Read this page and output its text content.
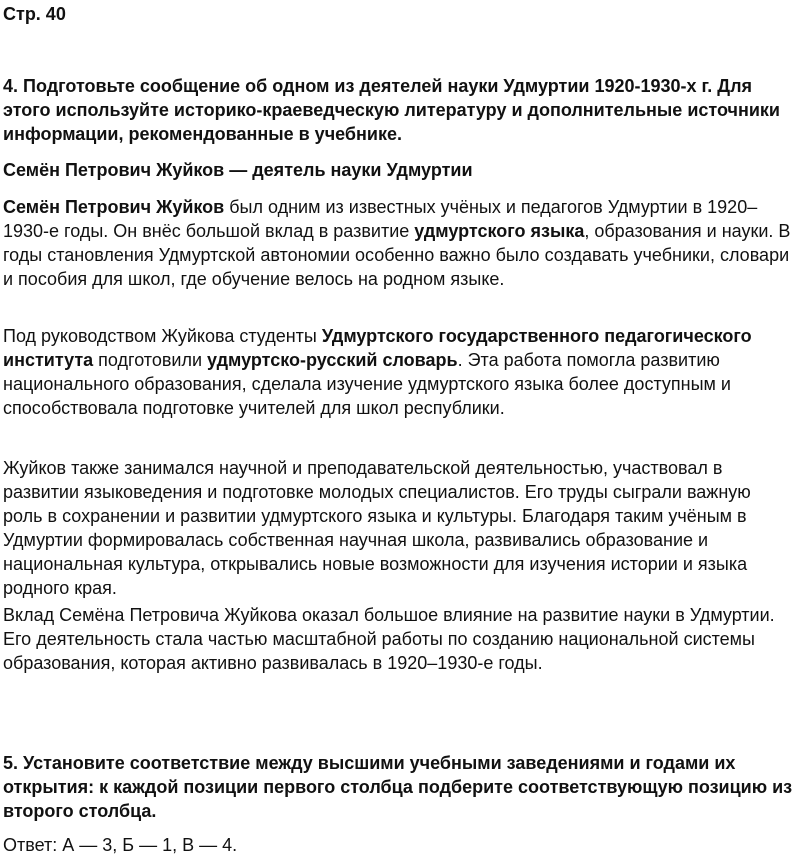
Стр. 40

4. Подготовьте сообщение об одном из деятелей науки Удмуртии 1920-1930-х г. Для этого используйте историко-краеведческую литературу и дополнительные источники информации, рекомендованные в учебнике.

Семён Петрович Жуйков — деятель науки Удмуртии

Семён Петрович Жуйков был одним из известных учёных и педагогов Удмуртии в 1920–1930-е годы. Он внёс большой вклад в развитие удмуртского языка, образования и науки. В годы становления Удмуртской автономии особенно важно было создавать учебники, словари и пособия для школ, где обучение велось на родном языке.

Под руководством Жуйкова студенты Удмуртского государственного педагогического института подготовили удмуртско-русский словарь. Эта работа помогла развитию национального образования, сделала изучение удмуртского языка более доступным и способствовала подготовке учителей для школ республики.

Жуйков также занимался научной и преподавательской деятельностью, участвовал в развитии языковедения и подготовке молодых специалистов. Его труды сыграли важную роль в сохранении и развитии удмуртского языка и культуры. Благодаря таким учёным в Удмуртии формировалась собственная научная школа, развивались образование и национальная культура, открывались новые возможности для изучения истории и языка родного края.

Вклад Семёна Петровича Жуйкова оказал большое влияние на развитие науки в Удмуртии. Его деятельность стала частью масштабной работы по созданию национальной системы образования, которая активно развивалась в 1920–1930-е годы.

5. Установите соответствие между высшими учебными заведениями и годами их открытия: к каждой позиции первого столбца подберите соответствующую позицию из второго столбца.

Ответ: А — 3, Б — 1, В — 4.
